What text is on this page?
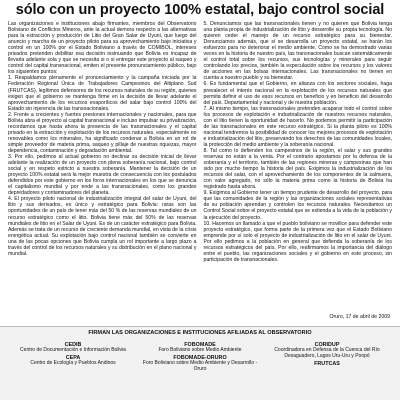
sólo con un proyecto 100% estatal, bajo control social

Las organizaciones e instituciones abajo firmantes, miembros del Observatorio Boliviano de Conflictos Mineros, ante la actual demora respecto a las alternativas para la extracción y producción de Litio del Gran Salar de Uyuni, que luego del anuncio y marcha de un proyecto piloto para su aprovechamiento bajo iniciativa y control en un 100% por el Estado Boliviano a través de COMIBOL, intereses privados pretenden debilitar esa decisión insinuando que Bolivia es incapaz de llevarla adelante sola y que se necesita si o si entregar este proyecto al saqueo y control del capital transnacional, emiten el presente pronunciamiento público, bajo los siguientes puntos:

1. Respaldamos plenamente el pronunciamiento y la campaña iniciada por la Federación Regional Única de Trabajadores Campesinos del Altiplano Sud (FRUTCAS), legítimos defensores de los recursos naturales de su región, quienes exigen que el gobierno se mantenga firme en la decisión de llevar adelante el aprovechamiento de los recursos evaporíticos del salar bajo control 100% del Estado sin injerencia de las transnacionales.

2. Frente a crecientes y fuertes presiones internacionales y nacionales, para que Bolivia abra el proyecto al capital transnacional e incluso impulsar su privatización, recordamos que hasta ahora la presencia de las transnacionales y el capital privado en la extracción y explotación de los recursos naturales, especialmente no renovables como los minerales, ha significado condenar a Bolivia en un rol de simple proveedor de materia prima, saqueo y pillaje de nuestras riquezas, mayor dependencia, contaminación y degradación ambiental.

3. Por ello, pedimos al actual gobierno no declinar su decisión inicial de llevar adelante la realización de un proyecto con plena soberanía nacional, bajo control social y en respeto estricto a nuestra soberanía. Mantener la decisión de un proyecto 100% estatal será la mejor muestra de consecuencia con los postulados defendidos por este gobierno en los foros internacionales en los que se denuncia el capitalismo mundial y por ende a las transnacionales, como los grandes depredadores y contaminadores del planeta.

4. El proyecto piloto nacional de industrialización integral del salar de Uyuni, del litio y sus derivados, es único y estratégico para Bolivia: raras son las oportunidades de un país de tener más del 50 % de las reservas mundiales de un recurso estratégico como el litio. Bolivia tiene más del 50% de las reservas mundiales de litio en el Salar de Uyuni. Es de un carácter estratégico para Bolivia. Además se trata de un recurso de creciente demanda mundial, en vista de la crisis energética actual. Su explotación bajo control nacional también se convierte en una de las pocas opciones que Bolivia cumpla un rol importante a largo plazo a través del control de los recursos naturales y su distribución en el plano nacional y mundial.

5. Denunciamos que las transnacionales tienen y no quieren que Bolivia tenga una planta propia de industrialización de litio y desarrolle su propia tecnología. No quieren ceder el manejo de un recurso estratégico para su bienestar. Denunciamos además, que si se desarrolla un proyecto estatal, se harán los esfuerzos para no deteriorar el medio ambiente. Como se ha demostrado varias veces en la historia de nuestro país, las transnacionales buscan sistemáticamente el control total sobre los recursos, sus tecnologías y minerales para seguir controlando los precios, también la especulación sobre los recursos y los valores de acciones en las bolsas internacionales. Las transnacionales no tienen en cuenta a nuestro pueblo y su bienestar.

6. Es fundamental que el Gobierno, en alianza con los sectores sociales, haga prevalecer el interés nacional en la explotación de los recursos naturales que permita definir el uso de esos recursos en beneficio y en beneficio del desarrollo del país. Departamental y nacional y de nuestra población.

7. Al mismo tiempo, las transnacionales pretenden acaparar todo el control sobre los procesos de explotación e industrialización de nuestros recursos naturales, con el litio tienen la oportunidad de hacerlo. No podemos permitir la participación de las transnacionales en este recurso estratégico. Si la planta piloto es 100% nacional tendremos la posibilidad de conocer los mejores procesos de explotación e industrialización del litio, preservando los derechos de las comunidades locales, la protección del medio ambiente y la soberanía nacional.

8. Tal como lo defienden los campesinos de la región, el salar y sus grandes reservas no están a la venta. Por el contrario apostamos por la defensa de la soberanía y el territorio, también de las regiones mineras y campesinas que han sido por mucho tiempo la historia del país. Exigimos la industrialización de los recursos del salar, con el aprovechamiento de los componentes de la salmuera, con valor agregado, no sólo la materia prima como la historia de Bolivia ha registrado hasta ahora.

9. Exigimos al Gobierno tener un tiempo prudente de desarrollo del proyecto, para que las comunidades de la región y las organizaciones sociales representativas de su población aprendan y controlen los recursos naturales. Necesitamos un Control Social sobre el proyecto estatal que se extienda a la vida de la población y la ejecución del proyecto.

10. Hacemos un llamado a que el pueblo boliviano se movilice para defender este proyecto estratégico, que forma parte de la primera vez que el Estado Boliviano emprende por sí solo el proyecto de industrialización de litio en el salar de Uyuni. Por ello pedimos a la población en general que defienda la soberanía de los recursos estratégicos del país. Por ello, reafirmamos la importancia del diálogo entre el pueblo, las organizaciones sociales y el gobierno en este proceso, sin participación de transnacionales.

Oruro, 17 de abril de 2009
FIRMAN LAS ORGANIZACIONES E INSTITUCIONES AFILIADAS AL OBSERVATORIO
CEDIB
Centro de Documentación e Información Bolivia
CEPA
Centro de Ecología y Pueblos Andinos
FOBOMADE
Foro Boliviano sobre Medio Ambiente
FOBOMADE-ORURO
Foro Boliviano sobre Medio Ambiente y Desarrollo - Oruro
CORIDUP
Coordinadora en Defensa de la Cuenca del Río Desaguadero, Lagos Uru-Uru y Poopó
FRUTCAS
